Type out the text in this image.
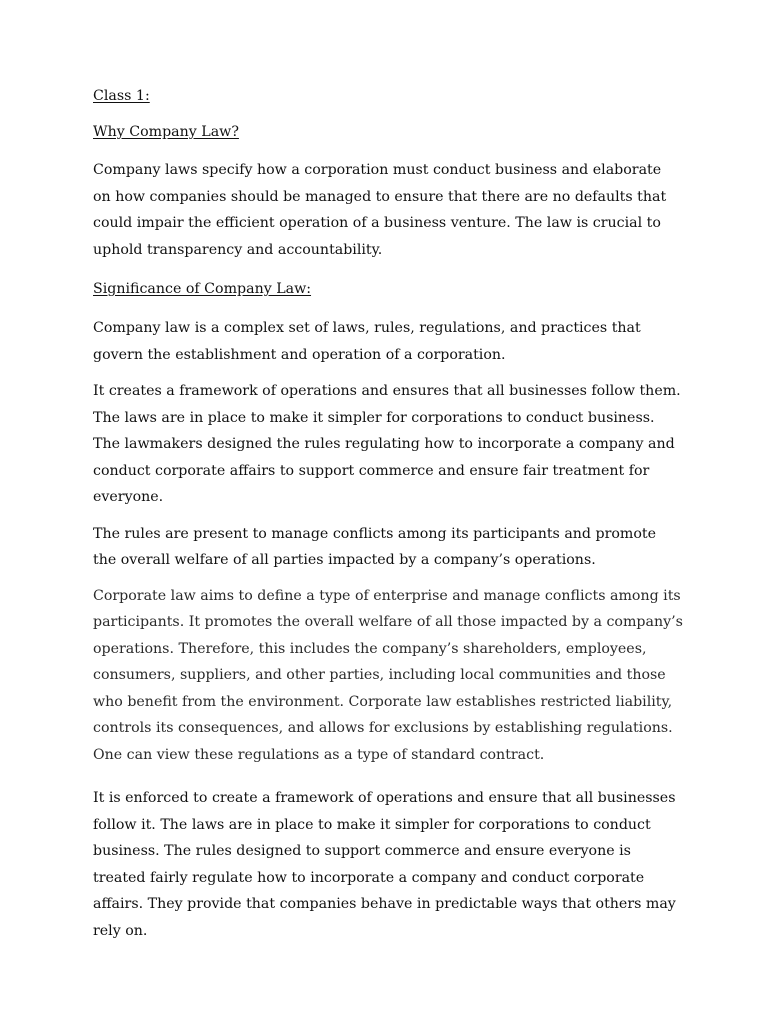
Class 1:

Why Company Law?

Company laws specify how a corporation must conduct business and elaborate on how companies should be managed to ensure that there are no defaults that could impair the efficient operation of a business venture. The law is crucial to uphold transparency and accountability.

Significance of Company Law:

Company law is a complex set of laws, rules, regulations, and practices that govern the establishment and operation of a corporation.

It creates a framework of operations and ensures that all businesses follow them. The laws are in place to make it simpler for corporations to conduct business. The lawmakers designed the rules regulating how to incorporate a company and conduct corporate affairs to support commerce and ensure fair treatment for everyone.

The rules are present to manage conflicts among its participants and promote the overall welfare of all parties impacted by a company’s operations.

Corporate law aims to define a type of enterprise and manage conflicts among its participants. It promotes the overall welfare of all those impacted by a company’s operations. Therefore, this includes the company’s shareholders, employees, consumers, suppliers, and other parties, including local communities and those who benefit from the environment. Corporate law establishes restricted liability, controls its consequences, and allows for exclusions by establishing regulations. One can view these regulations as a type of standard contract.

It is enforced to create a framework of operations and ensure that all businesses follow it. The laws are in place to make it simpler for corporations to conduct business. The rules designed to support commerce and ensure everyone is treated fairly regulate how to incorporate a company and conduct corporate affairs. They provide that companies behave in predictable ways that others may rely on.
